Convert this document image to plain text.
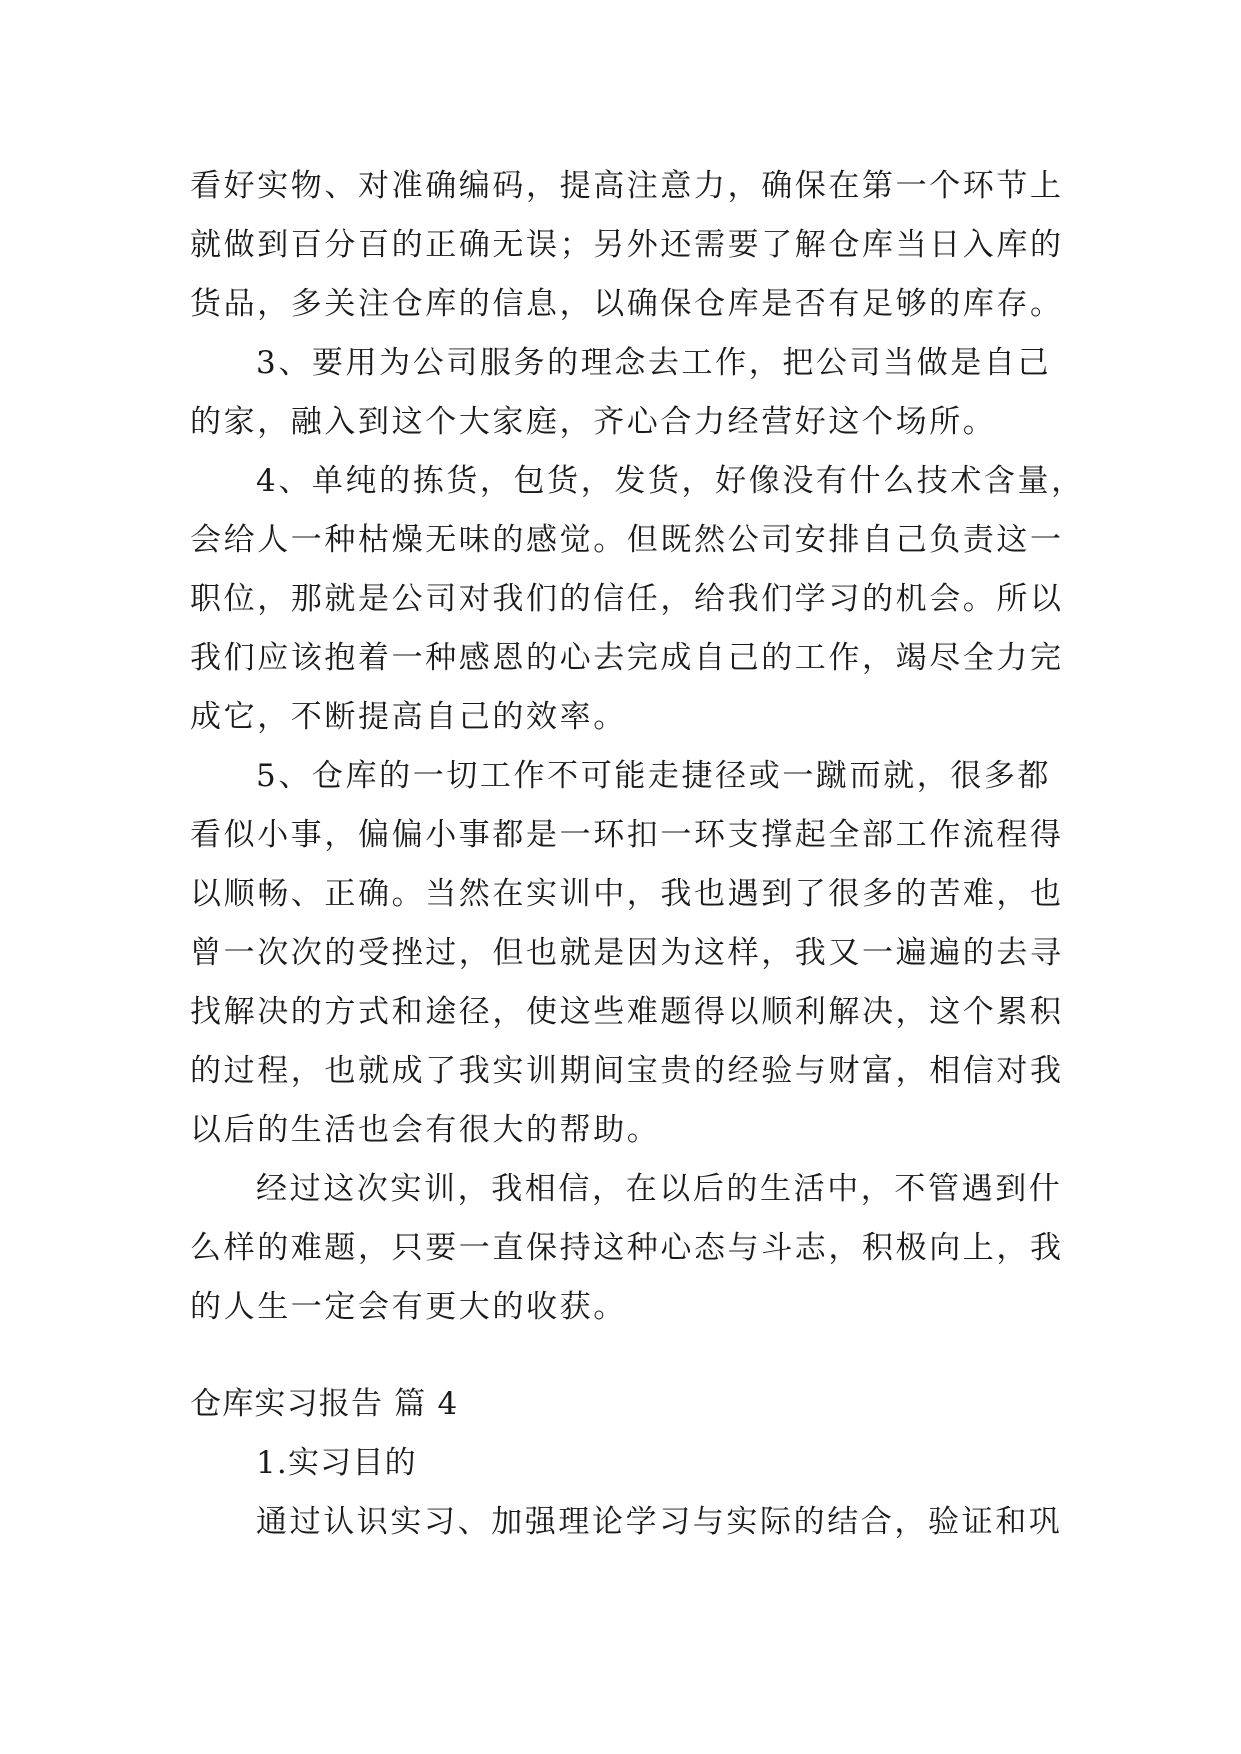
看好实物、对准确编码，提高注意力，确保在第一个环节上
就做到百分百的正确无误；另外还需要了解仓库当日入库的
货品，多关注仓库的信息，以确保仓库是否有足够的库存。
3、要用为公司服务的理念去工作，把公司当做是自己
的家，融入到这个大家庭，齐心合力经营好这个场所。
4、单纯的拣货，包货，发货，好像没有什么技术含量，
会给人一种枯燥无味的感觉。但既然公司安排自己负责这一
职位，那就是公司对我们的信任，给我们学习的机会。所以
我们应该抱着一种感恩的心去完成自己的工作，竭尽全力完
成它，不断提高自己的效率。
5、仓库的一切工作不可能走捷径或一蹴而就，很多都
看似小事，偏偏小事都是一环扣一环支撑起全部工作流程得
以顺畅、正确。当然在实训中，我也遇到了很多的苦难，也
曾一次次的受挫过，但也就是因为这样，我又一遍遍的去寻
找解决的方式和途径，使这些难题得以顺利解决，这个累积
的过程，也就成了我实训期间宝贵的经验与财富，相信对我
以后的生活也会有很大的帮助。
经过这次实训，我相信，在以后的生活中，不管遇到什
么样的难题，只要一直保持这种心态与斗志，积极向上，我
的人生一定会有更大的收获。
仓库实习报告 篇 4
1.实习目的
通过认识实习、加强理论学习与实际的结合，验证和巩
